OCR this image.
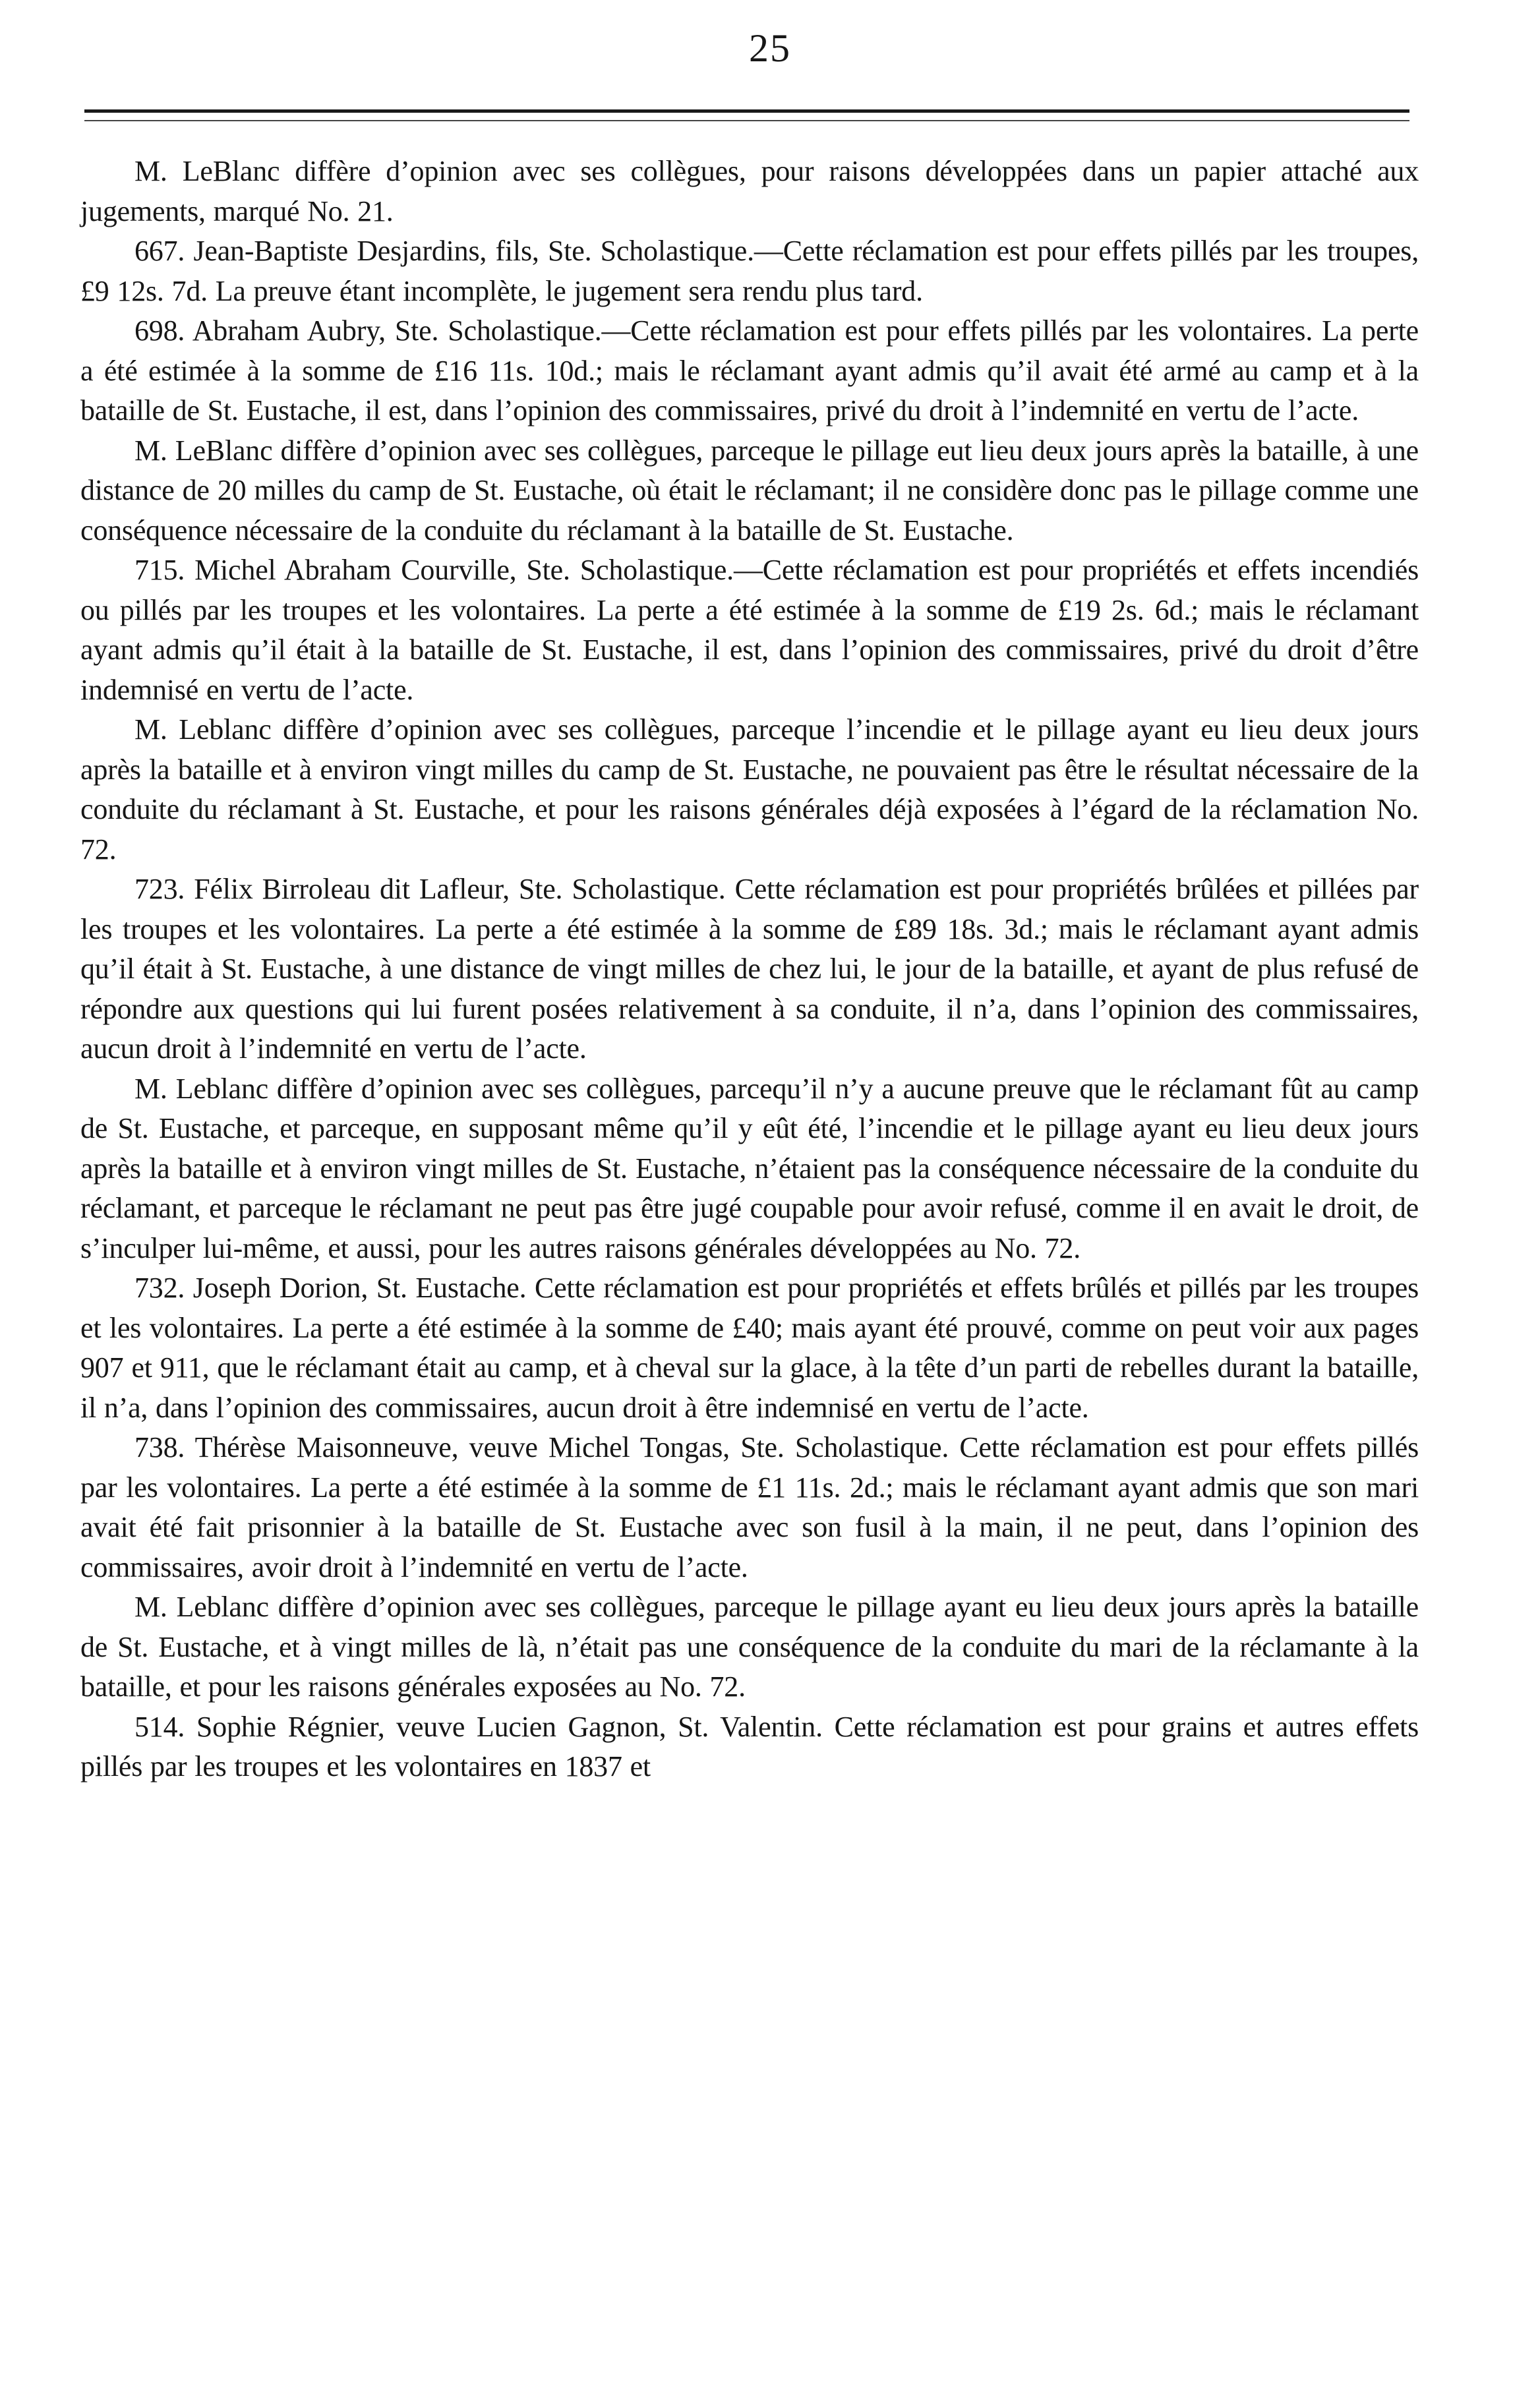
25

M. LeBlanc diffère d’opinion avec ses collègues, pour raisons développées dans un papier attaché aux jugements, marqué No. 21.

667. Jean-Baptiste Desjardins, fils, Ste. Scholastique.—Cette réclamation est pour effets pillés par les troupes, £9 12s. 7d. La preuve étant incomplète, le jugement sera rendu plus tard.

698. Abraham Aubry, Ste. Scholastique.—Cette réclamation est pour effets pillés par les volontaires. La perte a été estimée à la somme de £16 11s. 10d.; mais le réclamant ayant admis qu’il avait été armé au camp et à la bataille de St. Eustache, il est, dans l’opinion des commissaires, privé du droit à l’indemnité en vertu de l’acte.

M. LeBlanc diffère d’opinion avec ses collègues, parceque le pillage eut lieu deux jours après la bataille, à une distance de 20 milles du camp de St. Eustache, où était le réclamant; il ne considère donc pas le pillage comme une conséquence nécessaire de la conduite du réclamant à la bataille de St. Eustache.

715. Michel Abraham Courville, Ste. Scholastique.—Cette réclamation est pour propriétés et effets incendiés ou pillés par les troupes et les volontaires. La perte a été estimée à la somme de £19 2s. 6d.; mais le réclamant ayant admis qu’il était à la bataille de St. Eustache, il est, dans l’opinion des commissaires, privé du droit d’être indemnisé en vertu de l’acte.

M. Leblanc diffère d’opinion avec ses collègues, parceque l’incendie et le pillage ayant eu lieu deux jours après la bataille et à environ vingt milles du camp de St. Eustache, ne pouvaient pas être le résultat nécessaire de la conduite du réclamant à St. Eustache, et pour les raisons générales déjà exposées à l’égard de la réclamation No. 72.

723. Félix Birroleau dit Lafleur, Ste. Scholastique. Cette réclamation est pour propriétés brûlées et pillées par les troupes et les volontaires. La perte a été estimée à la somme de £89 18s. 3d.; mais le réclamant ayant admis qu’il était à St. Eustache, à une distance de vingt milles de chez lui, le jour de la bataille, et ayant de plus refusé de répondre aux questions qui lui furent posées relativement à sa conduite, il n’a, dans l’opinion des commissaires, aucun droit à l’indemnité en vertu de l’acte.

M. Leblanc diffère d’opinion avec ses collègues, parcequ’il n’y a aucune preuve que le réclamant fût au camp de St. Eustache, et parceque, en supposant même qu’il y eût été, l’incendie et le pillage ayant eu lieu deux jours après la bataille et à environ vingt milles de St. Eustache, n’étaient pas la conséquence nécessaire de la conduite du réclamant, et parceque le réclamant ne peut pas être jugé coupable pour avoir refusé, comme il en avait le droit, de s’inculper lui-même, et aussi, pour les autres raisons générales développées au No. 72.

732. Joseph Dorion, St. Eustache. Cette réclamation est pour propriétés et effets brûlés et pillés par les troupes et les volontaires. La perte a été estimée à la somme de £40; mais ayant été prouvé, comme on peut voir aux pages 907 et 911, que le réclamant était au camp, et à cheval sur la glace, à la tête d’un parti de rebelles durant la bataille, il n’a, dans l’opinion des commissaires, aucun droit à être indemnisé en vertu de l’acte.

738. Thérèse Maisonneuve, veuve Michel Tongas, Ste. Scholastique. Cette réclamation est pour effets pillés par les volontaires. La perte a été estimée à la somme de £1 11s. 2d.; mais le réclamant ayant admis que son mari avait été fait prisonnier à la bataille de St. Eustache avec son fusil à la main, il ne peut, dans l’opinion des commissaires, avoir droit à l’indemnité en vertu de l’acte.

M. Leblanc diffère d’opinion avec ses collègues, parceque le pillage ayant eu lieu deux jours après la bataille de St. Eustache, et à vingt milles de là, n’était pas une conséquence de la conduite du mari de la réclamante à la bataille, et pour les raisons générales exposées au No. 72.

514. Sophie Régnier, veuve Lucien Gagnon, St. Valentin. Cette réclamation est pour grains et autres effets pillés par les troupes et les volontaires en 1837 et
